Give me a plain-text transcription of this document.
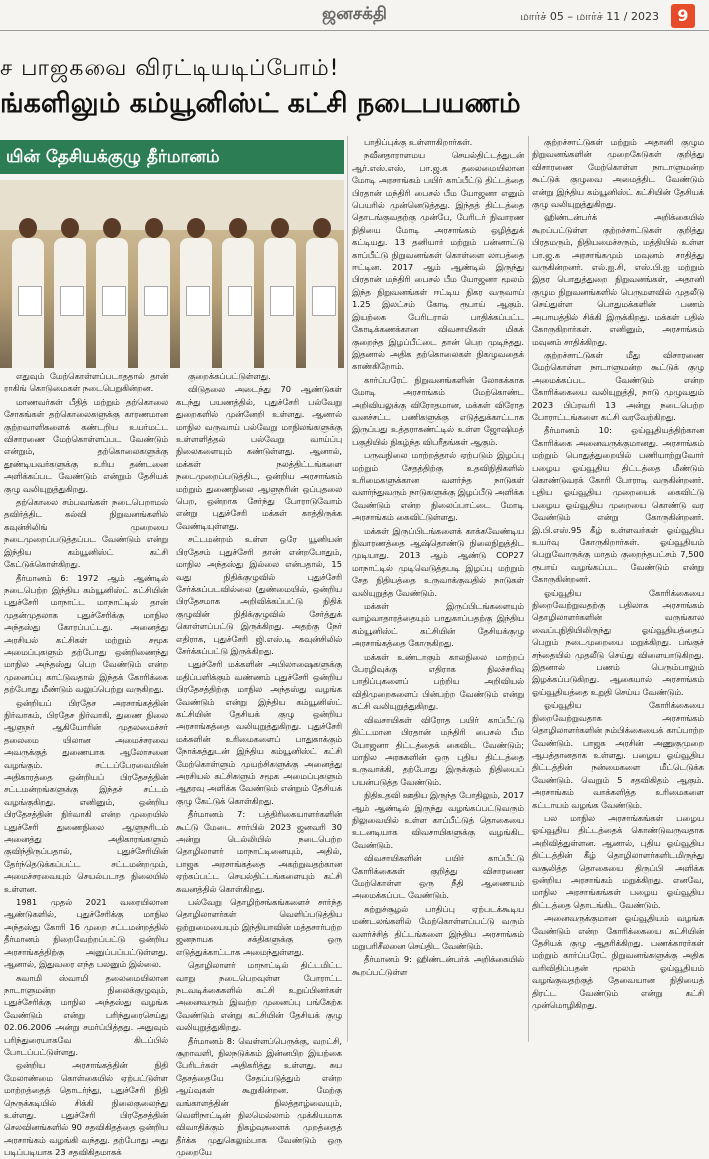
ஜனசக்தி	மார்ச் 05 – மார்ச் 11 / 2023	9
ச பாஜகவை விரட்டியடிப்போம்!
ங்களிலும் கம்யூனிஸ்ட் கட்சி நடைபயணம்
யின் தேசியக்குழு தீர்மானம்

எதுவும் மேற்கொள்ளப்படாததால் தான் ராகிங் கொடுமைகள் நடைபெறுகின்றன.

மாணவர்கள் பீதித் மற்றும் தற்கொலை சோகங்கள் தற்கொலைகளுக்கு காரணமான குற்றவாளிகளைக் கண்டறிய உயர்மட்ட விசாரணை மேற்கொள்ளப்பட வேண்டும் என்றும், தற்கொலைகளுக்கு தூண்டியவர்களுக்கு உரிய தண்டனை அளிக்கப்பட வேண்டும் என்றும் தேசியக் குழு வலியுறுத்துகிறது.

தற்கொலை சம்பவங்கள் நடைபெறாமல் தவிர்த்திட கல்வி நிறுவனங்களில் கவுன்சிலிங் முறையை நடைமுறைப்படுத்தப்பட வேண்டும் என்று இந்திய கம்யூனிஸ்ட் கட்சி கேட்டுக்கொள்கிறது.

தீர்மானம் 6: 1972 ஆம் ஆண்டில் நடைபெற்ற இந்திய கம்யூனிஸ்ட் கட்சியின் புதுச்சேரி மாநாட்ட மாநாட்டில் தான் முதன்முதலாக புதுச்சேரிக்கு மாநில அந்தஸ்து கோரப்பட்டது. அனைத்து அரசியல் கட்சிகள் மற்றும் சமூக அமைப்புகளும் தற்போது ஒன்றிணைந்து மாநில அந்தஸ்து பெற வேண்டும் என்ற முனைப்பு காட்டுவதால் இந்தக் கோரிக்கை தற்போது மீண்டும் வலுப்பெற்று வருகிறது.

ஒன்றியப் பிரதேச அரசாங்கத்தின் நிர்வாகம், பிரதேச நிர்வாகி, துணை நிலை ஆளுநர் ஆகியோரின் முதலமைச்சர் தலைமை யிலான அமைச்சரவை அவருக்குத் துணையாக ஆலோசனை வழங்கும். சட்டப்பேரவையின் அதிகாரத்தை ஒன்றியப் பிரதேசத்தின் சட்டமன்றங்களுக்கு இந்தச் சட்டம் வழங்குகிறது. எனினும், ஒன்றிய பிரதேசத்தின் நிர்வாகி என்ற முறையில் புதுச்சேரி துணைநிலை ஆளுநரிடம் அனைத்து அதிகாரங்களும் குவிந்திருப்பதால், புதுச்சேரியின் தேர்ந்தெடுக்கப்பட்ட சட்டமன்றமும், அமைச்சரவையும் செயல்படாத நிலையில் உள்ளன.

1981 முதல் 2021 வரையிலான ஆண்டுகளில், புதுச்சேரிக்கு மாநில அந்தஸ்து கோரி 16 முறை சட்டமன்றத்தில் தீர்மானம் நிறைவேற்றப்பட்டு ஒன்றிய அரசாங்கத்திற்கு அனுப்பப்பட்டுள்ளது. ஆனால், இதுவரை எந்த பலனும் இல்லை.

சுவாமி ஸ்வாமி தலைமையிலான நாடாளுமன்ற நிலைக்குழுவும், புதுச்சேரிக்கு மாநில அந்தஸ்து வழங்க வேண்டும் என்று பரிந்துரைசெய்து 02.06.2006 அன்று சமர்ப்பித்தது. அதுவும் பரிந்துரையாகவே கிடப்பில் போடப்பட்டுள்ளது.

ஒன்றிய அரசாங்கத்தின் நிதி மேலாண்மை கொள்கையில் ஏற்பட்டுள்ள மாற்றத்தைத் தொடர்ந்து, புதுச்சேரி நிதி நெருக்கடியில் சிக்கி நிலைகுலைந்து உள்ளது. புதுச்சேரி பிரதேசத்தின் செலவினங்களில் 90 சதவிகிதத்தை ஒன்றிய அரசாங்கம் வழங்கி வந்தது. தற்போது அது படிப்படியாக 23 சதவிகிதமாகக்

குறைக்கப்பட்டுள்ளது.

விடுதலை அடைந்து 70 ஆண்டுகள் கடந்து பயணத்தில், புதுச்சேரி பல்வேறு துறைகளில் முன்னேறி உள்ளது. ஆனால் மாநில வருவாய் பல்வேறு மாநிலங்களுக்கு உள்ளளித்தல் பல்வேறு வாய்ப்பு நிலைகளையும் கண்டுள்ளது. ஆனால், மக்கள் நலத்திட்டங்களை நடைமுறைப்படுத்திட, ஒன்றிய அரசாங்கம் மற்றும் துணைநிலை ஆளுநரின் ஒப்புதலை பெற, ஒன்றாக சேர்ந்து போராடுவோம் என்று புதுச்சேரி மக்கள் காத்திருக்க வேண்டியுள்ளது.

சட்டமன்றம் உள்ள ஒரே யூனியன் பிரதேசம் புதுச்சேரி தான் என்றபோதும், மாநில அந்தஸ்து இல்லை என்பதால், 15 வது நிதிக்குழுவில் புதுச்சேரி சேர்க்கப்படவில்லை (துண்மையில், ஒன்றிய பிரதேசமாக அறிவிக்கப்பட்டு நிதிக் குழுவின் நிதிக்குழுவில் சேர்த்துக் கொள்ளப்பட்டு இருக்கிறது. அதற்கு நேர் எதிராக, புதுச்சேரி ஜி.எஸ்.டி கவுன்சிலில் சேர்க்கப்பட்டு இருக்கிறது.

புதுச்சேரி மக்களின் அபிலாஷைகளுக்கு மதிப்பளிக்கும் வண்ணம் புதுச்சேரி ஒன்றிய பிரதேசத்திற்கு மாநில அந்தஸ்து வழங்க வேண்டும் என்று இந்திய கம்யூனிஸ்ட் கட்சியின் தேசியக் குழு ஒன்றிய அரசாங்கத்தை வலியுறுத்துகிறது. புதுச்சேரி மக்களின் உரிமைகளைப் பாதுகாக்கும் நோக்கத்துடன் இந்திய கம்யூனிஸ்ட் கட்சி மேற்கொள்ளும் முயற்சிகளுக்கு அனைத்து அரசியல் கட்சிகளும் சமூக அமைப்புகளும் ஆதரவு அளிக்க வேண்டும் என்றும் தேசியக் குழு கேட்டுக் கொள்கிறது.

தீர்மானம் 7: பத்திரிகையாளர்களின் கூட்டு மேடை சார்பில் 2023 ஜனவரி 30 அன்று டெல்லியில் நடைபெற்ற தொழிலாளர் மாநாட்டினையும், அதில், பாஜக அரசாங்கத்தை அகற்றுவதற்கான ஏற்கப்பட்ட செயல்திட்டங்களையும் கட்சி கவனத்தில் கொள்கிறது.

பல்வேறு தொழிற்சங்கங்களைச் சார்ந்த தொழிலாளர்கள் வெளிப்படுத்திய ஒற்றுமையையும் இந்தியாவின் மத்தசார்பற்ற ஜனநாயக சக்திகளுக்கு ஒரு எடுத்துக்காட்டாக அமைந்துள்ளது.

தொழிலாளர் மாநாட்டில் திட்டமிட்ட வாறு நடைபெறவுள்ள போராட்ட நடவடிக்கைகளில் கட்சி உறுப்பினர்கள் அனைவரும் இவற்ற முனைப்பு பங்கேற்க வேண்டும் என்று கட்சியின் தேசியக் குழு வலியுறுத்துகிறது.

தீர்மானம் 8: வெள்ளப்பெருக்கு, வறட்சி, சூறாவளி, நிலநடுக்கம் இன்னபிற இயற்கை பேரிடர்கள் அதிகரித்து உள்ளது. சுய தேசத்தையே சேதப்படுத்தும் என்ற ஆய்வுகள் கூறுகின்றன. மேற்கு வங்காளத்தின் நிலத்தாழ்வையும், வெளிநாட்டின் நிலமெல்லாம் முக்கியமாக விவாதிக்கும் நிகழ்வுகளைக் முறத்தைத் தீர்க்க முதுகெலும்பாக வேண்டும் ஒரு முறையே

பாதிப்புக்கு உள்ளாகிறார்கள்.

நவீனதாராளமய செயல்திட்டத்துடன் ஆர்.எஸ்.எஸ், பா.ஜ.க தலைமையிலான மோடி அரசாங்கம் பயிர் காப்பீட்டு திட்டத்தை பிரதான் மந்திரி பைசல் பீம யோஜனா எனும் பெயரில் முன்னெடுத்தது. இந்தத் திட்டத்தை தொடங்குவதற்கு முன்பே, பேரிடர் நிவாரண நிதியை மோடி அரசாங்கம் ஒழித்துக் கட்டியது. 13 தனியார் மற்றும் பன்னாட்டு காப்பீட்டு நிறுவனங்கள் கொள்ளை லாபத்தை ஈட்டின. 2017 ஆம் ஆண்டில் இருந்து பிரதான் மந்திரி பைசல் பீம யோஜனா மூலம் இந்த நிறுவனங்கள் ஈட்டிய நிகர வருவாய் 1.25 இலட்சம் கோடி ரூபாய் ஆகும். இயற்கை பேரிடரால் பாதிக்கப்பட்ட கோடிக்கணக்கான விவசாயிகள் மிகக் குறைந்த இழப்பீட்டை தான் பெற முடிந்தது. இதனால் அதிக தற்கொலைகள் நிகழுவதைக் காண்கிறோம்.

கார்ப்பரேட் நிறுவனங்களின் லோகக்காக மோடி அரசாங்கம் மேற்கொண்ட அறிவியலுக்கு விரோதமான, மக்கள் விரோத வனச்சட்ட பணிகளுக்கு எடுத்துக்காட்டாக இருப்பது உத்தராகண்ட்டில் உள்ள ஜோஷிமத் பகுதியில் நிகழ்ந்த விபரீதங்கள் ஆகும்.

பருவநிலை மாற்றத்தால் ஏற்படும் இழப்பு மற்றும் சேதத்திற்கு உதவிநிதிகளில் உரிமைகளுக்கான வளர்ந்த நாடுகள் வளர்ந்துவரும் நாடுகளுக்கு இழப்பீடு அளிக்க வேண்டும் என்ற நிலைப்பாட்டை மோடி அரசாங்கம் கைவிட்டுள்ளது.

மக்கள் இருப்பிடங்களைக் காக்கவேண்டிய நிவாரணத்தை ஆஷ்தொண்டு நிலைநிறுத்திட முடியாது. 2013 ஆம் ஆண்டு COP27 மாநாட்டில் முடிவெடுத்தபடி இழப்பு மற்றும் சேத நிதியத்தை உருவாக்குவதில் நாடுகள் வலியுறுத்த வேண்டும்.

மக்கள் இருப்பிடங்களையும் வாழ்வாதாரத்தையும் பாதுகாப்பதற்கு இந்திய கம்யூனிஸ்ட் கட்சியின் தேசியக்குழு அரசாங்கத்தை கோருகிறது.

மக்கள் உண்டாகும் காலநிலை மாற்றப் பேரழிவுக்கு எதிராக நிலச்சரிவு பாதிப்புகளைப் பற்றிய அறிவியல் விதிமுறைகளைப் பின்பற்ற வேண்டும் என்று கட்சி வலியுறுத்துகிறது.

விவசாயிகள் விரோத பயிர் காப்பீட்டு திட்டமான பிரதான் மந்திரி பைசல் பீம யோஜனா திட்டத்தைக் கைவிட வேண்டும்; மாநில அரசுகளின் ஒரு புதிய திட்டத்தை உருவாக்கி, தற்போது இருக்கும் நிதியைப் பயன்படுத்த வேண்டும்.

நிதிஉதவி ஊதிய இருந்த போதிலும், 2017 ஆம் ஆண்டில் இருந்து வழங்கப்பட்டுவரும் நிலுவையில் உள்ள காப்பீட்டுத் தொகையை உடனடியாக விவசாயிகளுக்கு வழங்கிட வேண்டும்.

விவசாயிகளின் பயிர் காப்பீட்டு கோரிக்கைகள் குறித்து விசாரணை மேற்கொள்ள ஒரு நீதி ஆணையம் அமைக்கப்பட வேண்டும்.

சுற்றுச்சூழல் பாதிப்பு ஏற்படக்கூடிய மண்டலங்களில் மேற்கொள்ளப்பட்டு வரும் வளர்ச்சித் திட்டங்களை இந்திய அரசாங்கம் மறுபரிசீலனை செய்திட வேண்டும்.

தீர்மானம் 9: ஹிண்டன்பர்க் அறிக்கையில் கூறப்பட்டுள்ள

குற்றச்சாட்டுகள் மற்றும் அதானி குழும நிறுவனங்களின் முறைகேடுகள் குறித்து விசாரணை மேற்கொள்ள நாடாளுமன்ற கூட்டுக் குழுவை அமைத்திட வேண்டும் என்று இந்திய கம்யூனிஸ்ட் கட்சியின் தேசியக் குழு வலியுறுத்துகிறது.

ஹிண்டன்பர்க் அறிக்கையில் கூறப்பட்டுள்ள குற்றச்சாட்டுகள் குறித்து பிரதமரும், நிதியமைச்சரும், மத்தியில் உள்ள பா.ஜ.க அரசாங்கமும் மவுனம் சாதித்து வருகின்றனர். எல்.ஐ.சி, எஸ்.பி.ஐ மற்றும் இதர பொதுத்துறை நிறுவனங்கள், அதானி குழும நிறுவனங்களில் பெருமளவில் முதலீடு செய்துள்ள பொதுமக்களின் பணம் அபாயத்தில் சிக்கி இருக்கிறது. மக்கள் பதில் கோருகிறார்கள். எனினும், அரசாங்கம் மவுனம் சாதிக்கிறது.

குற்றச்சாட்டுகள் மீது விசாரணை மேற்கொள்ள நாடாளுமன்ற கூட்டுக் குழு அமைக்கப்பட வேண்டும் என்ற கோரிக்கையை வலியுறுத்தி, நாடு முழுவதும் 2023 பிப்ரவரி 13 அன்று நடைபெற்ற போராட்டங்களை கட்சி வரவேற்கிறது.

தீர்மானம் 10: ஒய்வூதியத்திற்கான கோரிக்கை அனைவருக்குமானது. அரசாங்கம் மற்றும் பொதுத்துறையில் பணியாற்றுவோர் பழைய ஓய்வூதிய திட்டத்தை மீண்டும் கொண்டுவரக் கோரி போராடி வருகின்றனர். புதிய ஓய்வூதிய முறையைக் கைவிட்டு பழைய ஓய்வூதிய முறையை கொண்டு வர வேண்டும் என்று கோருகின்றனர். இ.பி.எஸ்.95 கீழ் உள்ளவர்கள் ஓய்வூதிய உயர்வு கோருகிறார்கள். ஓய்வூதியம் பெறுவோருக்கு மாதம் குறைந்தபட்சம் 7,500 ரூபாய் வழங்கப்பட வேண்டும் என்று கோருகின்றனர்.

ஓய்வூதிய கோரிக்கையை நிறைவேற்றுவதற்கு பதிலாக அரசாங்கம் தொழிலாளர்களின் வருங்கால வைப்புநிதியிலிருந்து ஓய்வூதியத்தைப் பெறும் நடைமுறையை மறுக்கிறது. பங்குச் சந்தையில் முதலீடு செய்து விளையாடுகிறது. இதனால் பணம் பெரும்பாலும் இழக்கப்படுகிறது. ஆகையால் அரசாங்கம் ஓய்வூதியத்தை உறுதி செய்ய வேண்டும்.

ஓய்வூதிய கோரிக்கையை நிறைவேற்றுவதாக அரசாங்கம் தொழிலாளர்களின் நம்பிக்கையைக் காப்பாற்ற வேண்டும். பாஜக அரசின் அணுகுமுறை ஆபத்தானதாக உள்ளது. பழைய ஓய்வூதிய திட்டத்தின் நன்மைகளை மீட்டெடுக்க வேண்டும். வெறும் 5 சதவிகிதம் ஆகும். அரசாங்கம் வாக்களித்த உரிமைகளை கட்டாயம் வழங்க வேண்டும்.

பல மாநில அரசாங்கங்கள் பழைய ஓய்வூதிய திட்டத்தைக் கொண்டுவருவதாக அறிவித்துள்ளன. ஆனால், புதிய ஓய்வூதிய திட்டத்தின் கீழ் தொழிலாளர்களிடமிருந்து வசூலித்த தொகையை திருப்பி அளிக்க ஒன்றிய அரசாங்கம் மறுக்கிறது. எனவே, மாநில அரசாங்கங்கள் பழைய ஓய்வூதிய திட்டத்தை தொடங்கிட வேண்டும்.

அனைவருக்குமான ஓய்வூதியம் வழங்க வேண்டும் என்ற கோரிக்கையை கட்சியின் தேசியக் குழு ஆதரிக்கிறது. பணக்காரர்கள் மற்றும் கார்ப்பரேட் நிறுவனங்களுக்கு அதிக வரிவிதிப்பதன் மூலம் ஓய்வூதியம் வழங்குவதற்குத் தேவையான நிதியைத் திரட்ட வேண்டும் என்று கட்சி முன்மொழிகிறது.
